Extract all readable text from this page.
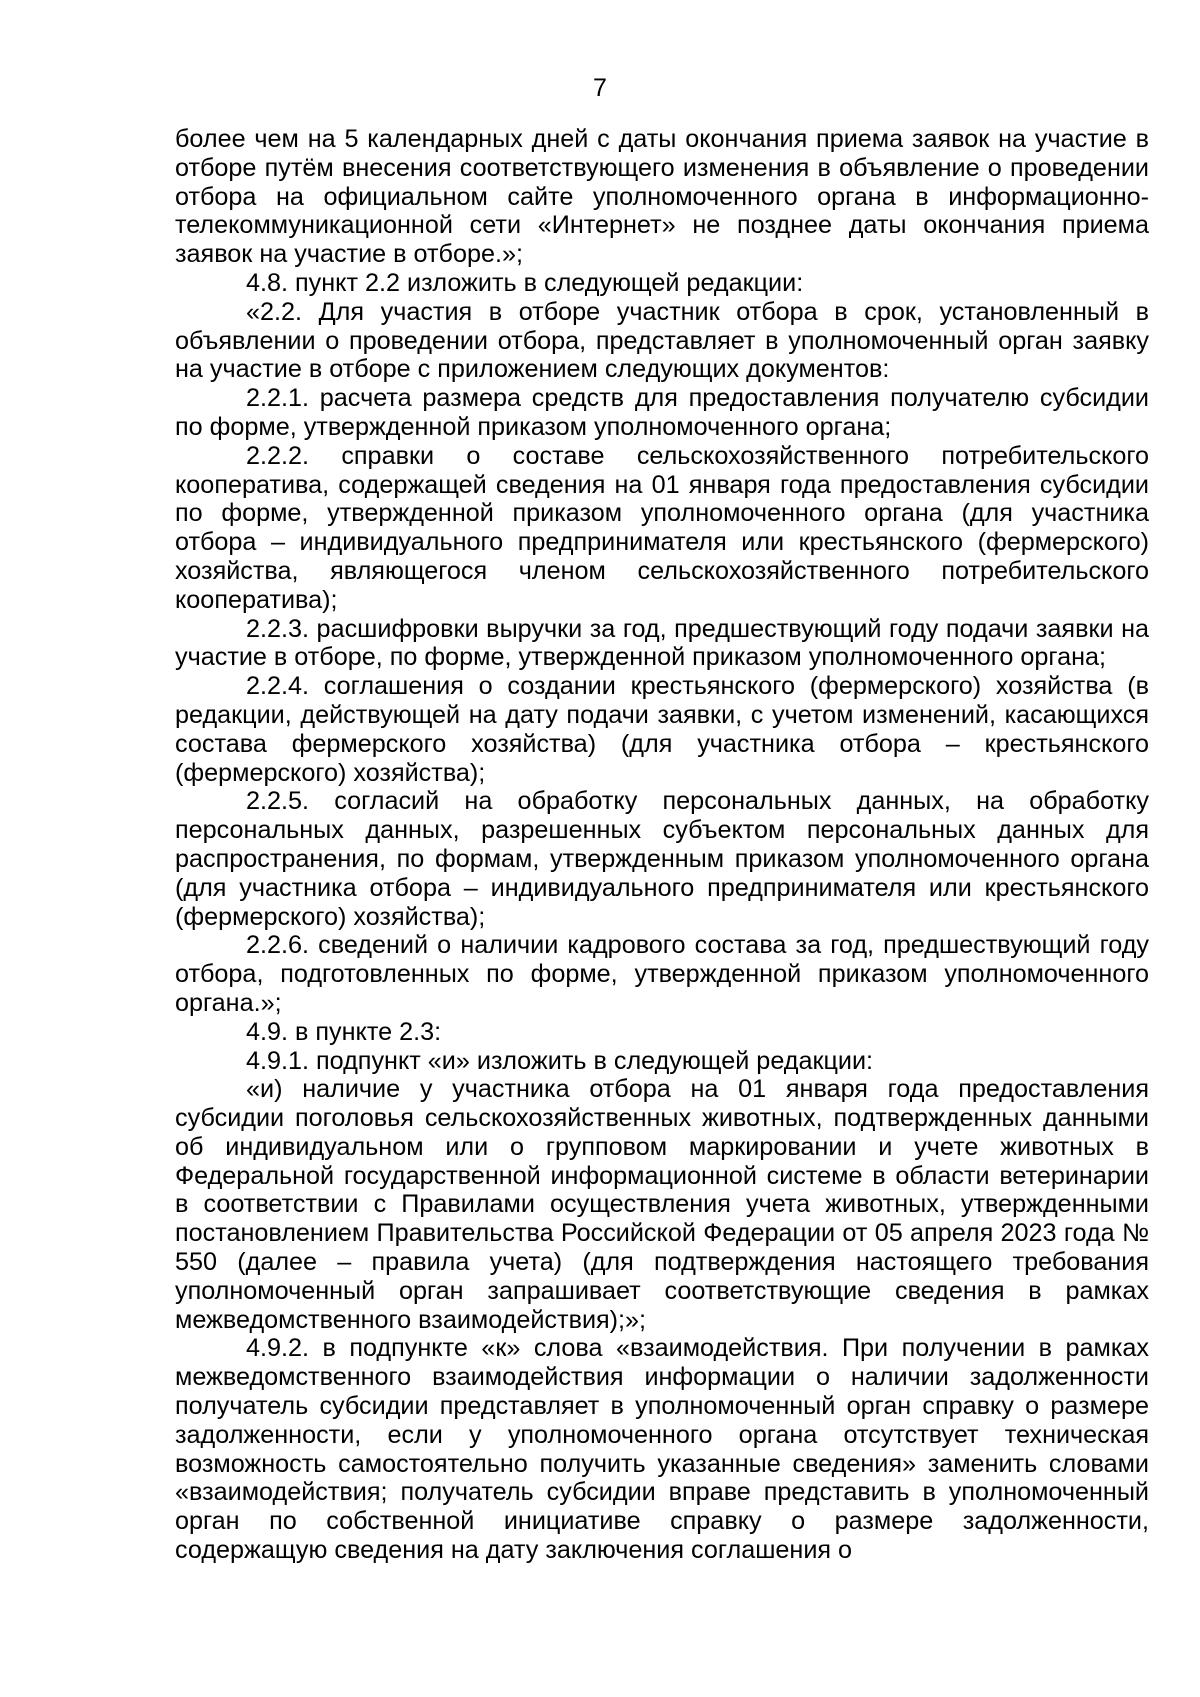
7

более чем на 5 календарных дней с даты окончания приема заявок на участие в отборе путём внесения соответствующего изменения в объявление о проведении отбора на официальном сайте уполномоченного органа в информационно-телекоммуникационной сети «Интернет» не позднее даты окончания приема заявок на участие в отборе.»;

4.8. пункт 2.2 изложить в следующей редакции:

«2.2. Для участия в отборе участник отбора в срок, установленный в объявлении о проведении отбора, представляет в уполномоченный орган заявку на участие в отборе с приложением следующих документов:

2.2.1. расчета размера средств для предоставления получателю субсидии по форме, утвержденной приказом уполномоченного органа;

2.2.2. справки о составе сельскохозяйственного потребительского кооператива, содержащей сведения на 01 января года предоставления субсидии по форме, утвержденной приказом уполномоченного органа (для участника отбора – индивидуального предпринимателя или крестьянского (фермерского) хозяйства, являющегося членом сельскохозяйственного потребительского кооператива);

2.2.3. расшифровки выручки за год, предшествующий году подачи заявки на участие в отборе, по форме, утвержденной приказом уполномоченного органа;

2.2.4. соглашения о создании крестьянского (фермерского) хозяйства (в редакции, действующей на дату подачи заявки, с учетом изменений, касающихся состава фермерского хозяйства) (для участника отбора – крестьянского (фермерского) хозяйства);

2.2.5. согласий на обработку персональных данных, на обработку персональных данных, разрешенных субъектом персональных данных для распространения, по формам, утвержденным приказом уполномоченного органа (для участника отбора – индивидуального предпринимателя или крестьянского (фермерского) хозяйства);

2.2.6. сведений о наличии кадрового состава за год, предшествующий году отбора, подготовленных по форме, утвержденной приказом уполномоченного органа.»;

4.9. в пункте 2.3:

4.9.1. подпункт «и» изложить в следующей редакции:

«и) наличие у участника отбора на 01 января года предоставления субсидии поголовья сельскохозяйственных животных, подтвержденных данными об индивидуальном или о групповом маркировании и учете животных в Федеральной государственной информационной системе в области ветеринарии в соответствии с Правилами осуществления учета животных, утвержденными постановлением Правительства Российской Федерации от 05 апреля 2023 года № 550 (далее – правила учета) (для подтверждения настоящего требования уполномоченный орган запрашивает соответствующие сведения в рамках межведомственного взаимодействия);»;

4.9.2. в подпункте «к» слова «взаимодействия. При получении в рамках межведомственного взаимодействия информации о наличии задолженности получатель субсидии представляет в уполномоченный орган справку о размере задолженности, если у уполномоченного органа отсутствует техническая возможность самостоятельно получить указанные сведения» заменить словами «взаимодействия; получатель субсидии вправе представить в уполномоченный орган по собственной инициативе справку о размере задолженности, содержащую сведения на дату заключения соглашения о
